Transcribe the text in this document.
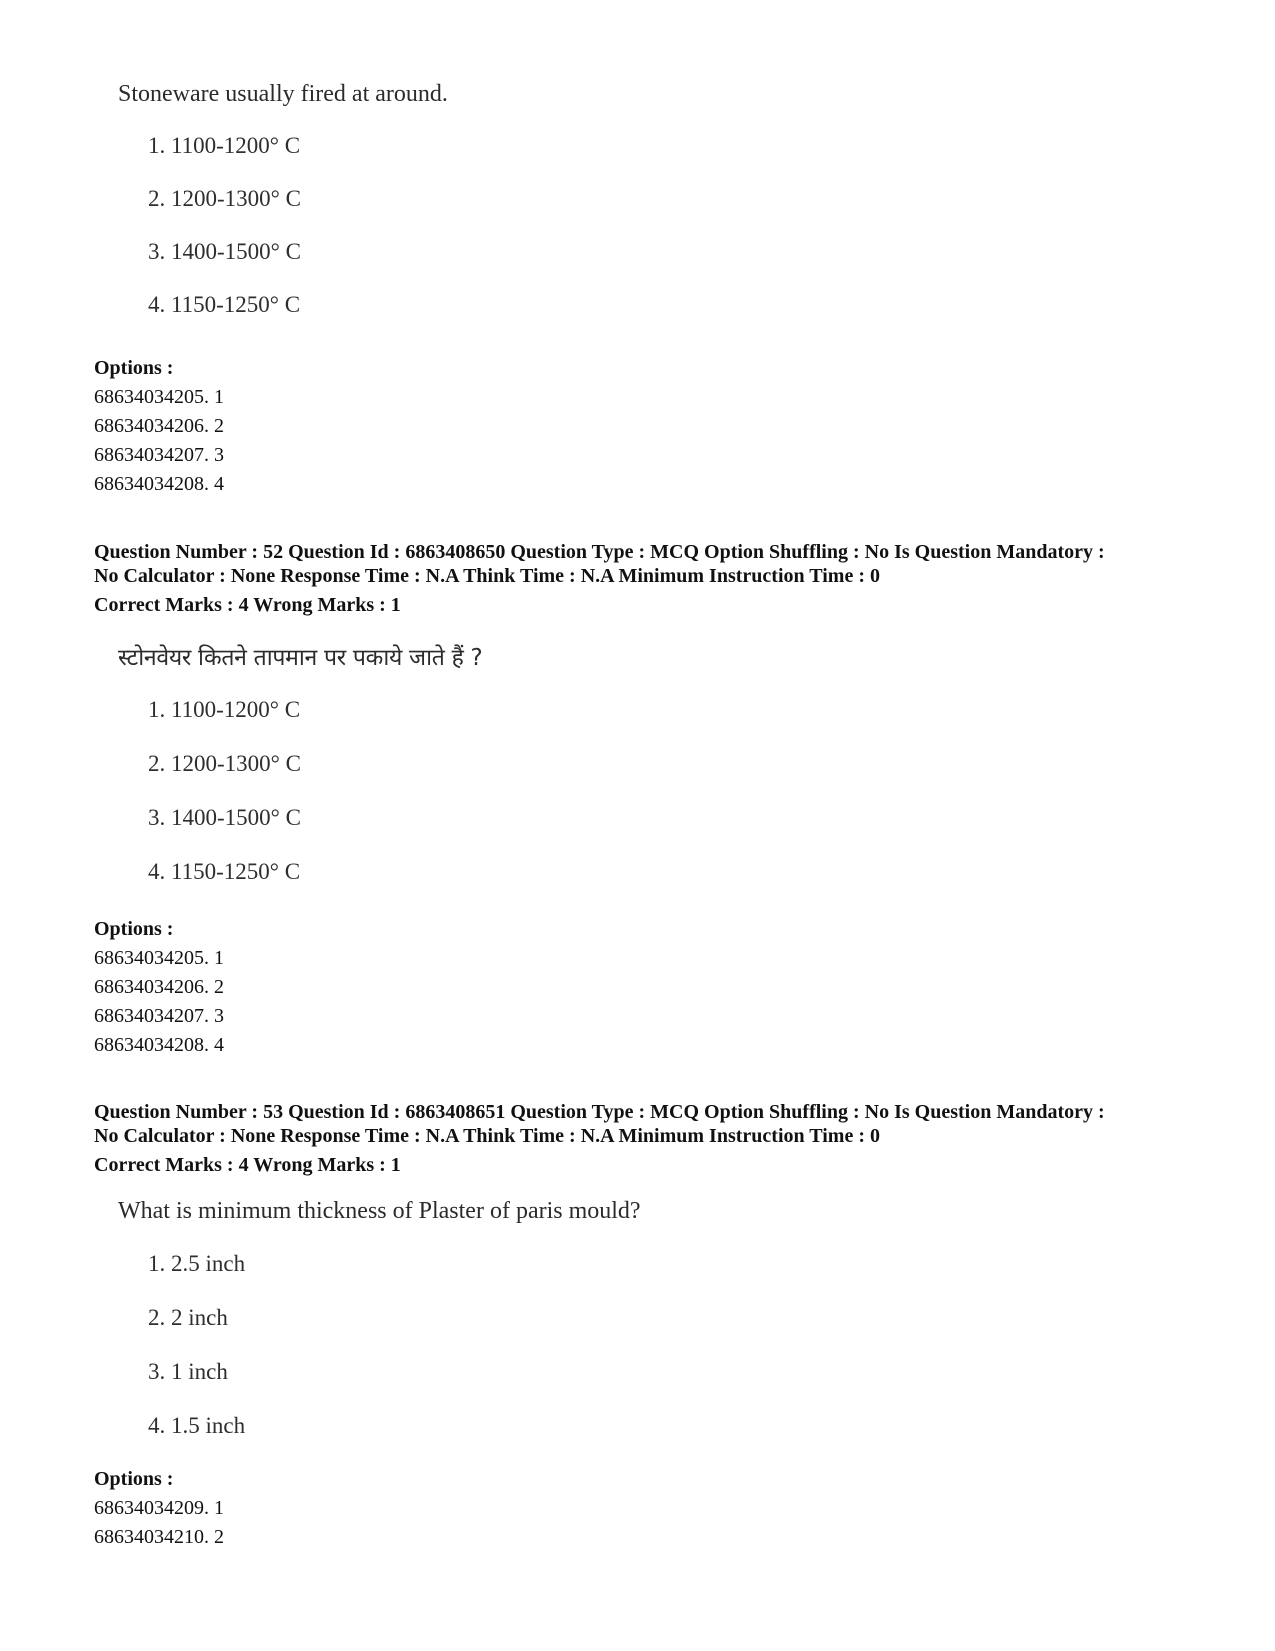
Stoneware usually fired at around.
1. 1100-1200° C
2. 1200-1300° C
3. 1400-1500° C
4. 1150-1250° C
Options :
68634034205. 1
68634034206. 2
68634034207. 3
68634034208. 4
Question Number : 52 Question Id : 6863408650 Question Type : MCQ Option Shuffling : No Is Question Mandatory :
No Calculator : None Response Time : N.A Think Time : N.A Minimum Instruction Time : 0
Correct Marks : 4 Wrong Marks : 1
स्टोनवेयर कितने तापमान पर पकाये जाते हैं ?
1. 1100-1200° C
2. 1200-1300° C
3. 1400-1500° C
4. 1150-1250° C
Options :
68634034205. 1
68634034206. 2
68634034207. 3
68634034208. 4
Question Number : 53 Question Id : 6863408651 Question Type : MCQ Option Shuffling : No Is Question Mandatory :
No Calculator : None Response Time : N.A Think Time : N.A Minimum Instruction Time : 0
Correct Marks : 4 Wrong Marks : 1
What is minimum thickness of Plaster of paris mould?
1. 2.5 inch
2. 2 inch
3. 1 inch
4. 1.5 inch
Options :
68634034209. 1
68634034210. 2
